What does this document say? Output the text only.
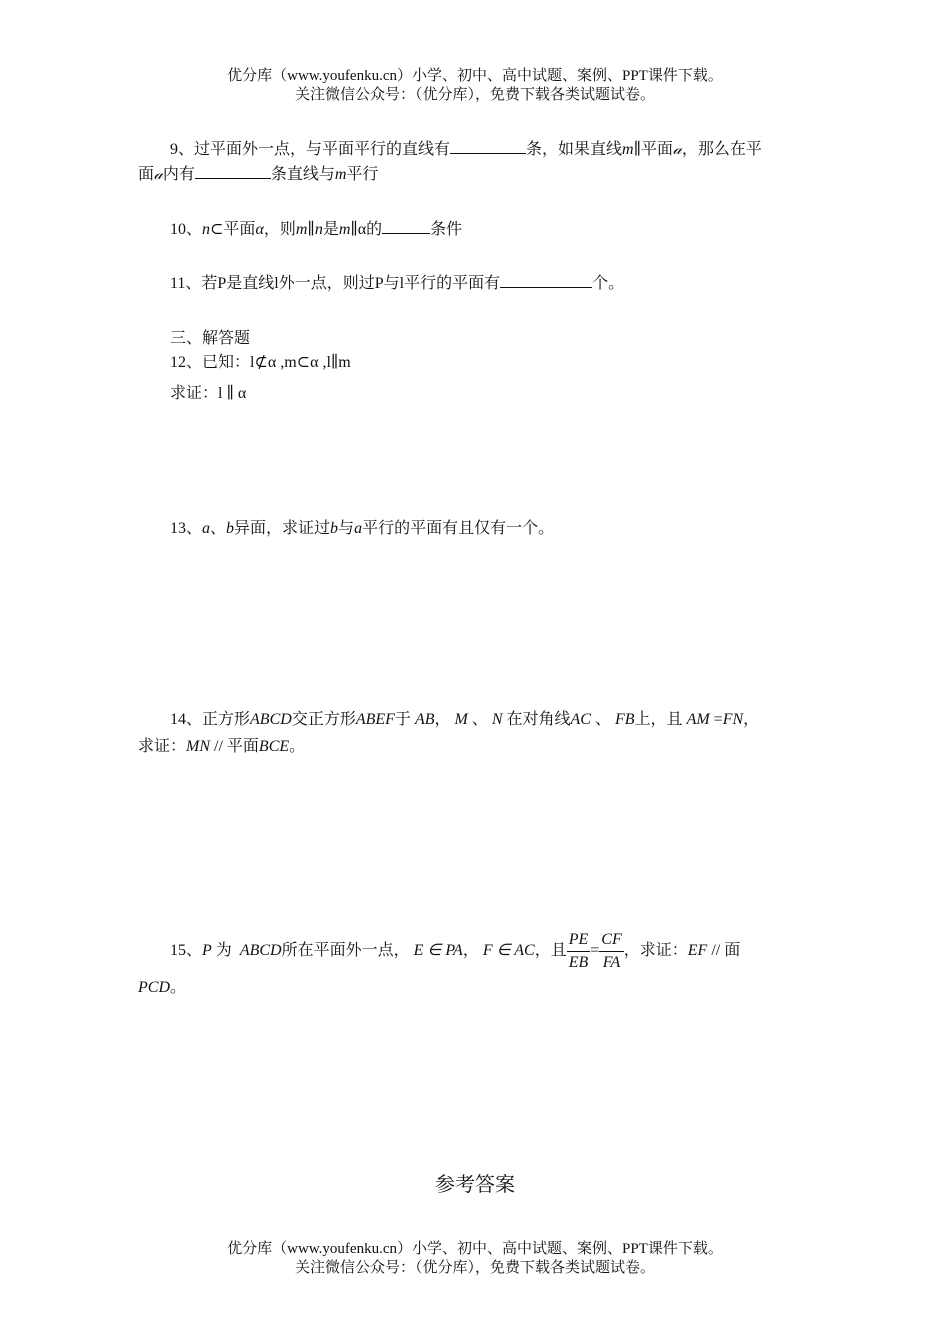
优分库（www.youfenku.cn）小学、初中、高中试题、案例、PPT课件下载。
关注微信公众号：（优分库），免费下载各类试题试卷。
9、过平面外一点，与平面平行的直线有	条，如果直线m∥平面𝒶，那么在平
面𝒶内有	条直线与m平行
10、n⊂平面α，则m∥n是m∥α的	条件
11、若P是直线l外一点，则过P与l平行的平面有	个。
三、解答题
12、已知：l⊄α ,m⊂α ,l∥m
求证：l ∥ α
13、a、b异面，求证过b与a平行的平面有且仅有一个。
14、正方形ABCD交正方形ABEF于 AB， M 、 N 在对角线AC 、 FB上，且 AM =FN，
求证：MN // 平面BCE。
15、P 为 ABCD所在平面外一点， E ∈ PA， F ∈ AC，且 $\frac{PE}{EB} = \frac{CF}{FA}$ ，求证：EF // 面
PCD。
参考答案
优分库（www.youfenku.cn）小学、初中、高中试题、案例、PPT课件下载。
关注微信公众号：（优分库），免费下载各类试题试卷。
